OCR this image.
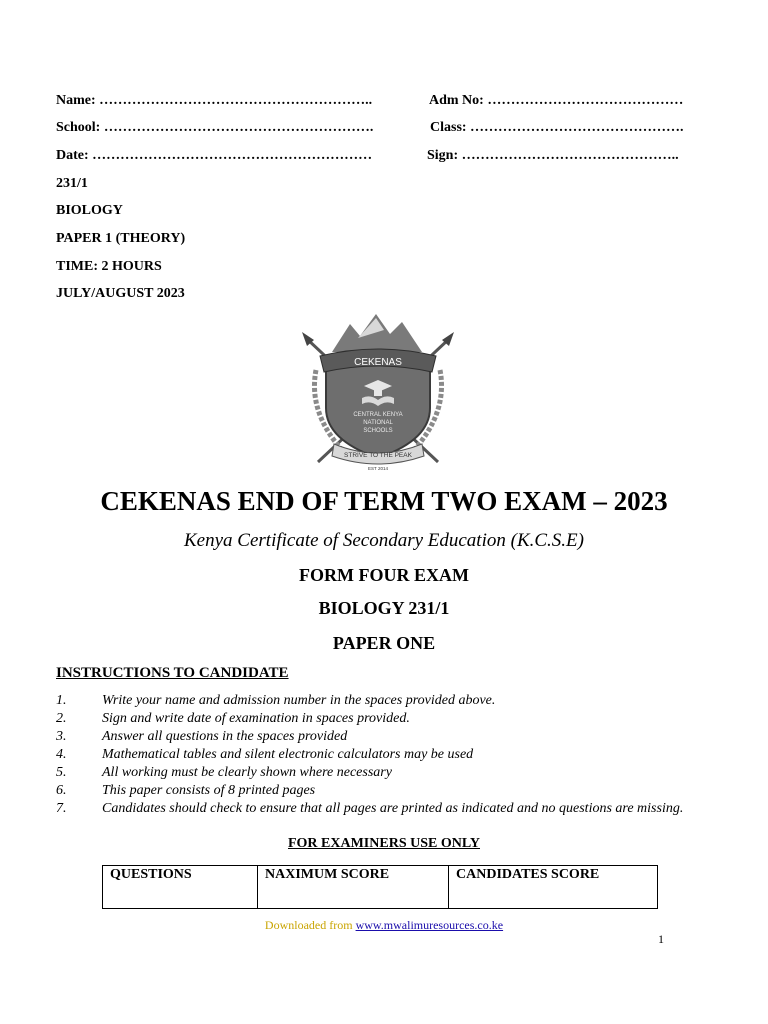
Name: …………………………………………………..	Adm No: ……………………………………
School: ………………………………………………….	Class: ……………………………………….
Date: ……………………………………………………	Sign: ………………………………………..
231/1
BIOLOGY
PAPER 1 (THEORY)
TIME: 2 HOURS
JULY/AUGUST 2023
CEKENAS
CENTRAL KENYA
NATIONAL
SCHOOLS
STRIVE TO THE PEAK
EST 2014
CEKENAS END OF TERM TWO EXAM – 2023
Kenya Certificate of Secondary Education (K.C.S.E)
FORM FOUR EXAM
BIOLOGY 231/1
PAPER ONE
INSTRUCTIONS TO CANDIDATE
1.	Write your name and admission number in the spaces provided above.
2.	Sign and write date of examination in spaces provided.
3.	Answer all questions in the spaces provided
4.	Mathematical tables and silent electronic calculators may be used
5.	All working must be clearly shown where necessary
6.	This paper consists of 8 printed pages
7.	Candidates should check to ensure that all pages are printed as indicated and no questions are missing.
FOR EXAMINERS USE ONLY
QUESTIONS	NAXIMUM SCORE	CANDIDATES SCORE
Downloaded from www.mwalimuresources.co.ke
1
